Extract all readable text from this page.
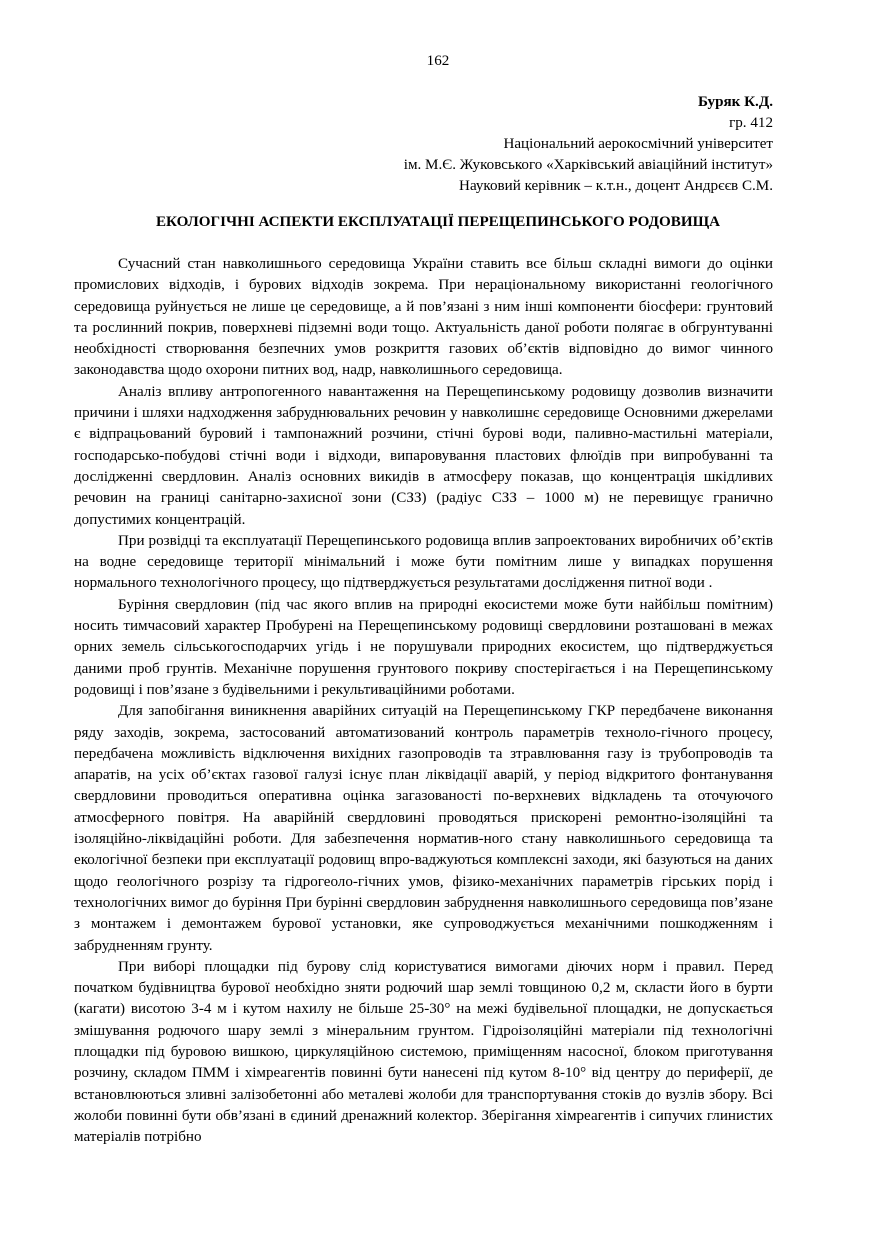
162
Буряк К.Д.
гр. 412
Національний аерокосмічний університет
ім. М.Є. Жуковського «Харківський авіаційний інститут»
Науковий керівник – к.т.н., доцент Андрєєв С.М.
ЕКОЛОГІЧНІ АСПЕКТИ ЕКСПЛУАТАЦІЇ ПЕРЕЩЕПИНСЬКОГО РОДОВИЩА

Сучасний стан навколишнього середовища України ставить все більш складні вимоги до оцінки промислових відходів, і бурових відходів зокрема. При нераціональному використанні геологічного середовища руйнується не лише це середовище, а й пов’язані з ним інші компоненти біосфери: грунтовий та рослинний покрив, поверхневі підземні води тощо. Актуальність даної роботи полягає в обгрунтуванні необхідності створювання безпечних умов розкриття газових об’єктів відповідно до вимог чинного законодавства щодо охорони питних вод, надр, навколишнього середовища.

Аналіз впливу антропогенного навантаження на Перещепинському родовищу дозволив визначити причини і шляхи надходження забруднювальних речовин у навколишнє середовище Основними джерелами є відпрацьований буровий і тампонажний розчини, стічні бурові води, паливно-мастильні матеріали, господарсько-побудові стічні води і відходи, випаровування пластових флюїдів при випробуванні та дослідженні свердловин. Аналіз основних викидів в атмосферу показав, що концентрація шкідливих речовин на границі санітарно-захисної зони (СЗЗ) (радіус СЗЗ – 1000 м) не перевищує гранично допустимих концентрацій.

При розвідці та експлуатації Перещепинського родовища вплив запроектованих виробничих об’єктів на водне середовище території мінімальний і може бути помітним лише у випадках порушення нормального технологічного процесу, що підтверджується результатами дослідження питної води .

Буріння свердловин (під час якого вплив на природні екосистеми може бути найбільш помітним) носить тимчасовий характер Пробурені на Перещепинському родовищі свердловини розташовані в межах орних земель сільськогосподарчих угідь і не порушували природних екосистем, що підтверджується даними проб грунтів. Механічне порушення грунтового покриву спостерігається і на Перещепинському родовищі і пов’язане з будівельними і рекультиваційними роботами.

Для запобігання виникнення аварійних ситуацій на Перещепинському ГКР передбачене виконання ряду заходів, зокрема, застосований автоматизований контроль параметрів техноло-гічного процесу, передбачена можливість відключення вихідних газопроводів та зтравлювання газу із трубопроводів та апаратів, на усіх об’єктах газової галузі існує план ліквідації аварій, у період відкритого фонтанування свердловини проводиться оперативна оцінка загазованості по-верхневих відкладень та оточуючого атмосферного повітря. На аварійній свердловині проводяться прискорені ремонтно-ізоляційні та ізоляційно-ліквідаційні роботи. Для забезпечення норматив-ного стану навколишнього середовища та екологічної безпеки при експлуатації родовищ впро-ваджуються комплексні заходи, які базуються на даних щодо геологічного розрізу та гідрогеоло-гічних умов, фізико-механічних параметрів гірських порід і технологічних вимог до буріння При бурінні свердловин забруднення навколишнього середовища пов’язане з монтажем і демонтажем бурової установки, яке супроводжується механічними пошкодженням і забрудненням грунту.

При виборі площадки під бурову слід користуватися вимогами діючих норм і правил. Перед початком будівництва бурової необхідно зняти родючий шар землі товщиною 0,2 м, скласти його в бурти (кагати) висотою 3-4 м і кутом нахилу не більше 25-30° на межі будівельної площадки, не допускається змішування родючого шару землі з мінеральним грунтом. Гідроізоляційні матеріали під технологічні площадки під буровою вишкою, циркуляційною системою, приміщенням насосної, блоком приготування розчину, складом ПММ і хімреагентів повинні бути нанесені під кутом 8-10° від центру до периферії, де встановлюються зливні залізобетонні або металеві жолоби для транспортування стоків до вузлів збору. Всі жолоби повинні бути обв’язані в єдиний дренажний колектор. Зберігання хімреагентів і сипучих глинистих матеріалів потрібно
